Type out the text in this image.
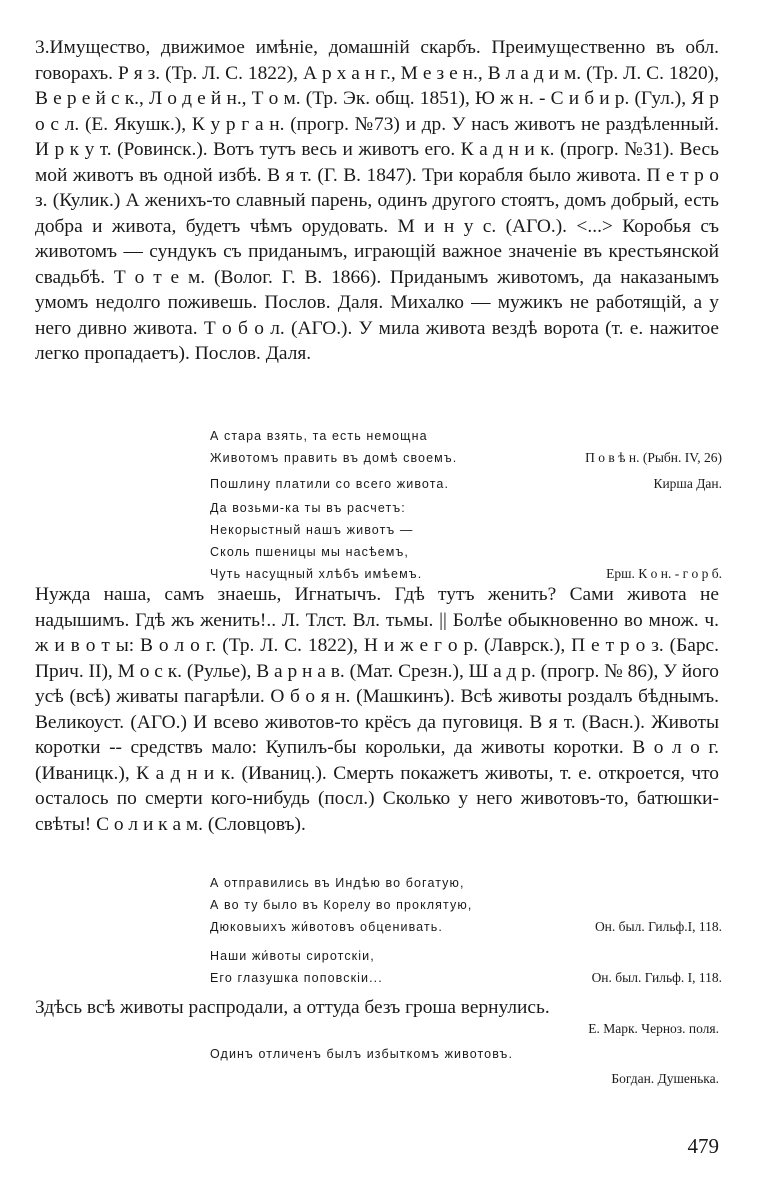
3.Имущество, движимое имѣніе, домашній скарбъ. Преимущественно въ обл. говорахъ. Р я з. (Тр. Л. С. 1822), А р х а н г., М е з е н., В л а д и м. (Тр. Л. С. 1820), В е р е й с к., Л о д е й н., Т о м. (Тр. Эк. общ. 1851), Ю ж н. - С и б и р. (Гул.), Я р о с л. (Е. Якушк.), К у р г а н. (прогр. №73) и др. У насъ животъ не раздѣленный. И р к у т. (Ровинск.). Вотъ тутъ весь и животъ его. К а д н и к. (прогр. №31). Весь мой животъ въ одной избѣ. В я т. (Г. В. 1847). Три корабля было живота. П е т р о з. (Кулик.) А женихъ-то славный парень, одинъ другого стоятъ, домъ добрый, есть добра и живота, будетъ чѣмъ орудовать. М и н у с. (АГО.). <...> Коробья съ животомъ — сундукъ съ приданымъ, играющій важное значеніе въ крестьянской свадьбѣ. Т о т е м. (Волог. Г. В. 1866). Приданымъ животомъ, да наказанымъ умомъ недолго поживешь. Послов. Даля. Михалко — мужикъ не работящій, а у него дивно живота. Т о б о л. (АГО.). У мила живота вездѣ ворота (т. е. нажитое легко пропадаетъ). Послов. Даля.

А стара взять, та есть немощна
Животомъ править въ домѣ своемъ.	П о в ѣ н. (Рыбн. IV, 26)
Пошлину платили со всего живота.	Кирша Дан.
Да возьми-ка ты въ расчетъ:
Некорыстный нашъ животъ —
Сколь пшеницы мы насѣемъ,
Чуть насущный хлѣбъ имѣемъ.	Ерш. К о н. - г о р б.

Нужда наша, самъ знаешь, Игнатычъ. Гдѣ тутъ женить? Сами живота не надышимъ. Гдѣ жъ женить!.. Л. Тлст. Вл. тьмы. || Болѣе обыкновенно во множ. ч. ж и в о т ы: В о л о г. (Тр. Л. С. 1822), Н и ж е г о р. (Лаврск.), П е т р о з. (Барс. Прич. II), М о с к. (Рулье), В а р н а в. (Мат. Срезн.), Ш а д р. (прогр. № 86), У його усѣ (всѣ) живаты пагарѣли. О б о я н. (Машкинъ). Всѣ животы роздалъ бѣднымъ. Великоуст. (АГО.) И всево животов-то крёсъ да пуговиця. В я т. (Васн.). Животы коротки -- средствъ мало: Купилъ-бы корольки, да животы коротки. В о л о г. (Иваницк.), К а д н и к. (Иваниц.). Смерть покажетъ животы, т. е. откроется, что осталось по смерти кого-нибудь (посл.) Сколько у него животовъ-то, батюшки-свѣты! С о л и к а м. (Словцовъ).

А отправились въ Индѣю во богатую,
А во ту было въ Корелу во проклятую,
Дюковыихъ жи́вотовъ обценивать.	Он. был. Гильф.I, 118.
Наши жи́воты сиротскіи,
Его глазушка поповскіи...	Он. был. Гильф. I, 118.

Здѣсь всѣ животы распродали, а оттуда безъ гроша вернулись.

Е. Марк. Черноз. поля.
Одинъ отличенъ былъ избыткомъ животовъ.
Богдан. Душенька.
479
